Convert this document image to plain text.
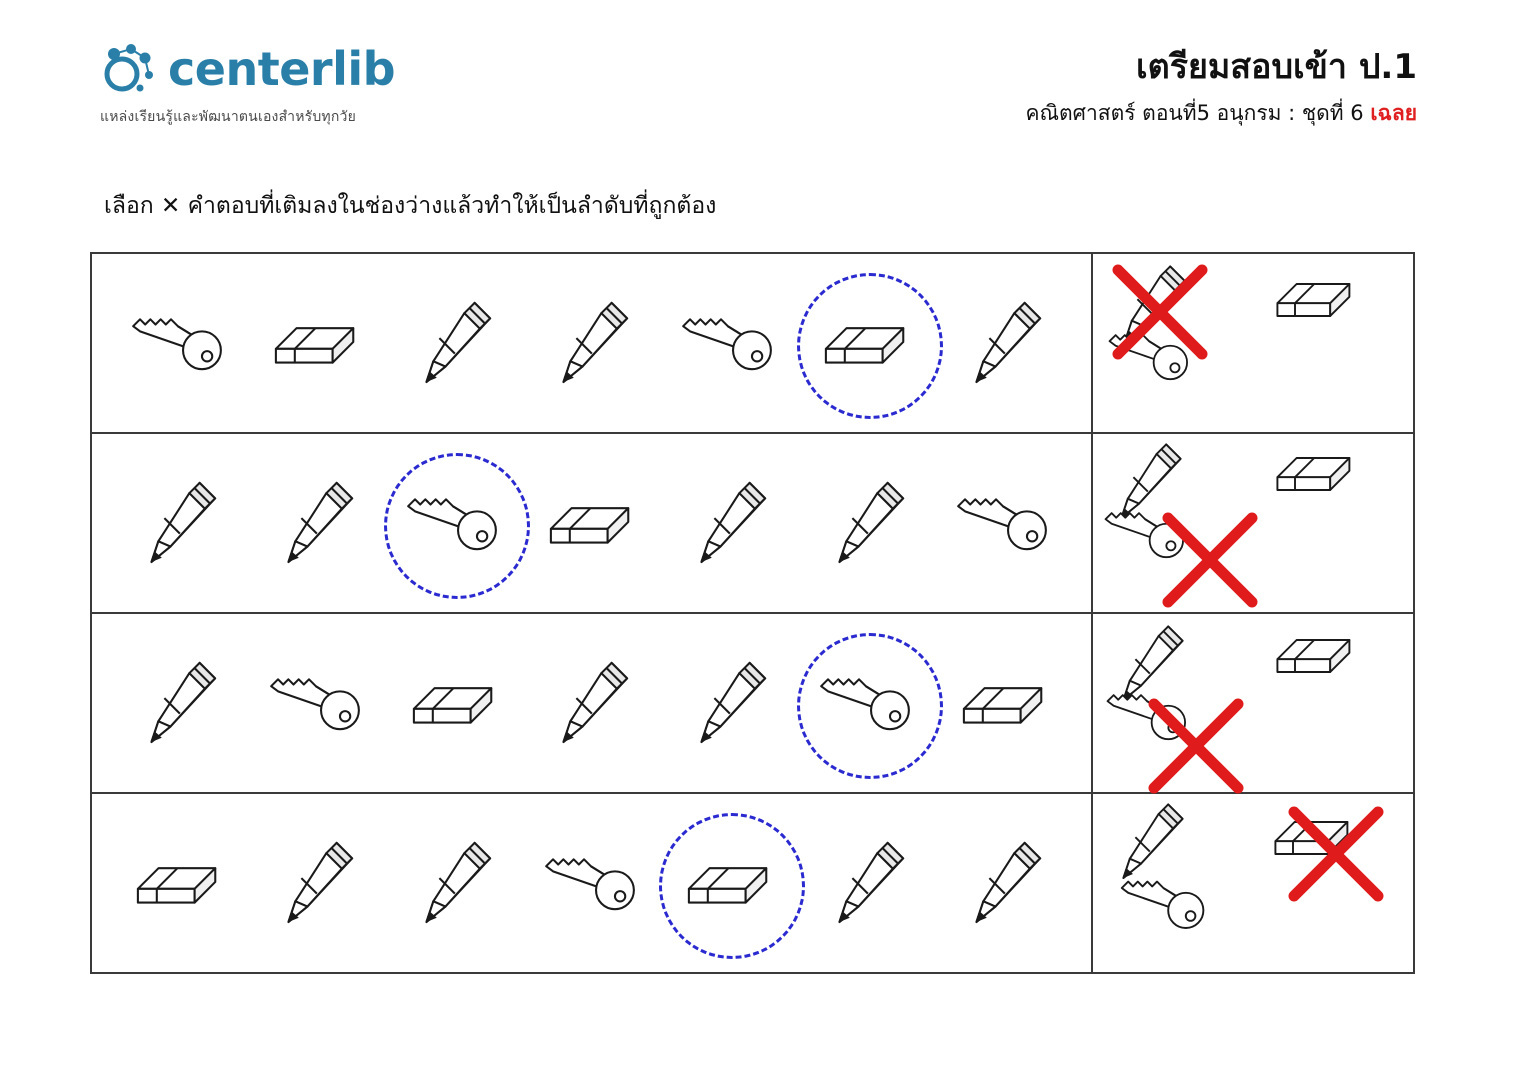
centerlib
แหล่งเรียนรู้และพัฒนาตนเองสำหรับทุกวัย
เตรียมสอบเข้า ป.1
คณิตศาสตร์ ตอนที่5 อนุกรม : ชุดที่ 6 เฉลย
เลือก ✕ คำตอบที่เติมลงในช่องว่างแล้วทำให้เป็นลำดับที่ถูกต้อง
